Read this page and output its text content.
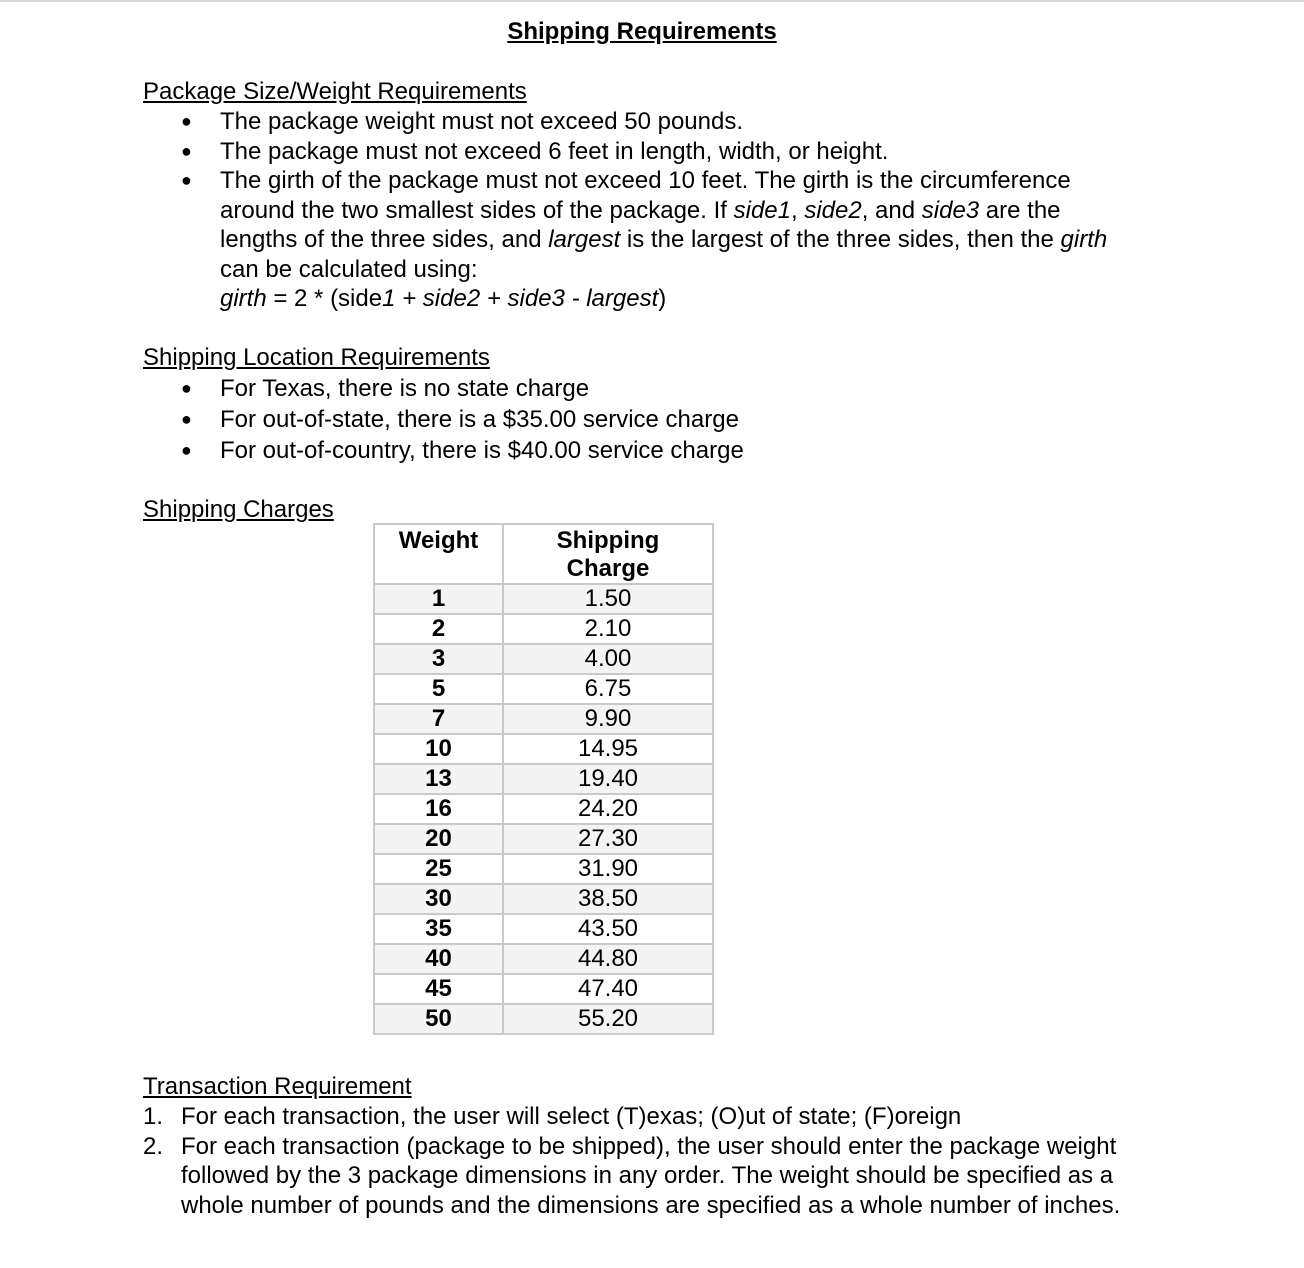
Shipping Requirements
Package Size/Weight Requirements
● The package weight must not exceed 50 pounds.
● The package must not exceed 6 feet in length, width, or height.
● The girth of the package must not exceed 10 feet. The girth is the circumference around the two smallest sides of the package. If side1, side2, and side3 are the lengths of the three sides, and largest is the largest of the three sides, then the girth can be calculated using:
girth = 2 * (side1 + side2 + side3 - largest)
Shipping Location Requirements
● For Texas, there is no state charge
● For out-of-state, there is a $35.00 service charge
● For out-of-country, there is $40.00 service charge
Shipping Charges
Weight	Shipping
Charge
1	1.50
2	2.10
3	4.00
5	6.75
7	9.90
10	14.95
13	19.40
16	24.20
20	27.30
25	31.90
30	38.50
35	43.50
40	44.80
45	47.40
50	55.20
Transaction Requirement
1. For each transaction, the user will select (T)exas; (O)ut of state; (F)oreign
2. For each transaction (package to be shipped), the user should enter the package weight followed by the 3 package dimensions in any order. The weight should be specified as a whole number of pounds and the dimensions are specified as a whole number of inches.
